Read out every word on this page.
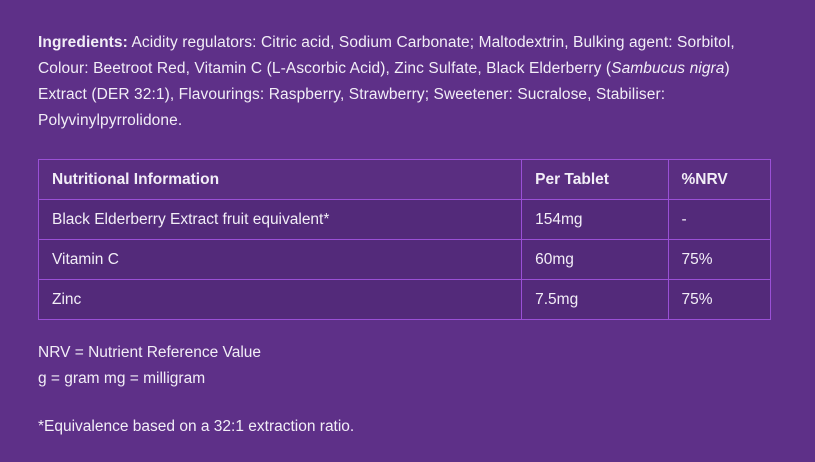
Ingredients: Acidity regulators: Citric acid, Sodium Carbonate; Maltodextrin, Bulking agent: Sorbitol, Colour: Beetroot Red, Vitamin C (L-Ascorbic Acid), Zinc Sulfate, Black Elderberry (Sambucus nigra) Extract (DER 32:1), Flavourings: Raspberry, Strawberry; Sweetener: Sucralose, Stabiliser: Polyvinylpyrrolidone.

Nutritional Information	Per Tablet	%NRV
Black Elderberry Extract fruit equivalent*	154mg	-
Vitamin C	60mg	75%
Zinc	7.5mg	75%
NRV = Nutrient Reference Value
g = gram mg = milligram
*Equivalence based on a 32:1 extraction ratio.
